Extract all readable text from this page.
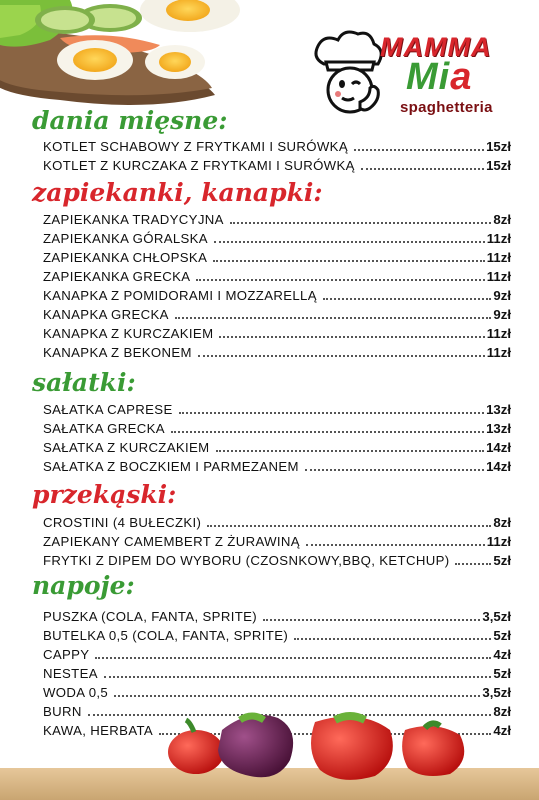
MAMMA
Mia
spaghetteria
dania mięsne:
KOTLET SCHABOWY Z FRYTKAMI I SURÓWKĄ	15zł
KOTLET Z KURCZAKA Z FRYTKAMI I SURÓWKĄ	15zł
zapiekanki, kanapki:
ZAPIEKANKA TRADYCYJNA	8zł
ZAPIEKANKA GÓRALSKA	11zł
ZAPIEKANKA CHŁOPSKA	11zł
ZAPIEKANKA GRECKA	11zł
KANAPKA Z POMIDORAMI I MOZZARELLĄ	9zł
KANAPKA GRECKA	9zł
KANAPKA Z KURCZAKIEM	11zł
KANAPKA Z BEKONEM	11zł
sałatki:
SAŁATKA CAPRESE	13zł
SAŁATKA GRECKA	13zł
SAŁATKA Z KURCZAKIEM	14zł
SAŁATKA Z BOCZKIEM I PARMEZANEM	14zł
przekąski:
CROSTINI (4 BUŁECZKI)	8zł
ZAPIEKANY CAMEMBERT Z ŻURAWINĄ	11zł
FRYTKI Z DIPEM DO WYBORU (CZOSNKOWY,BBQ, KETCHUP)	5zł
napoje:
PUSZKA (COLA, FANTA, SPRITE)	3,5zł
BUTELKA 0,5 (COLA, FANTA, SPRITE)	5zł
CAPPY	4zł
NESTEA	5zł
WODA 0,5	3,5zł
BURN	8zł
KAWA, HERBATA	4zł
